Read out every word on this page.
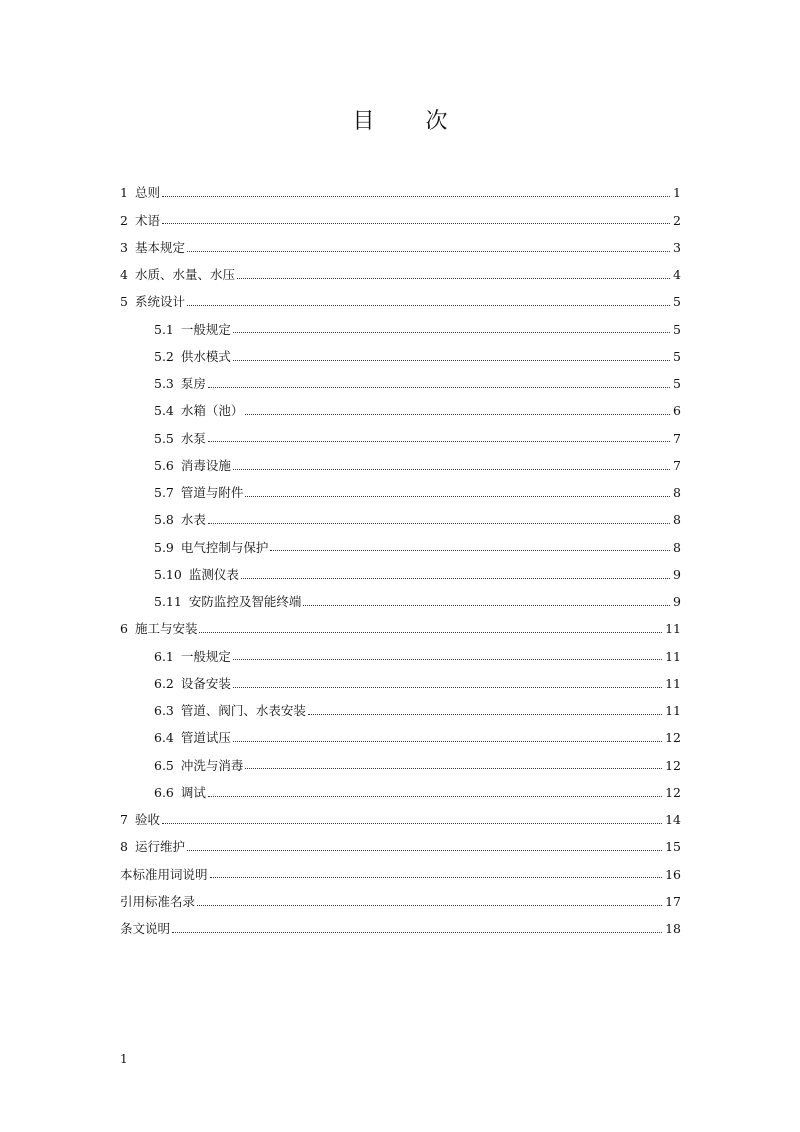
目 次
1 总则	1
2 术语	2
3 基本规定	3
4 水质、水量、水压	4
5 系统设计	5
5.1 一般规定	5
5.2 供水模式	5
5.3 泵房	5
5.4 水箱（池）	6
5.5 水泵	7
5.6 消毒设施	7
5.7 管道与附件	8
5.8 水表	8
5.9 电气控制与保护	8
5.10 监测仪表	9
5.11 安防监控及智能终端	9
6 施工与安装	11
6.1 一般规定	11
6.2 设备安装	11
6.3 管道、阀门、水表安装	11
6.4 管道试压	12
6.5 冲洗与消毒	12
6.6 调试	12
7 验收	14
8 运行维护	15
本标准用词说明	16
引用标准名录	17
条文说明	18
1
